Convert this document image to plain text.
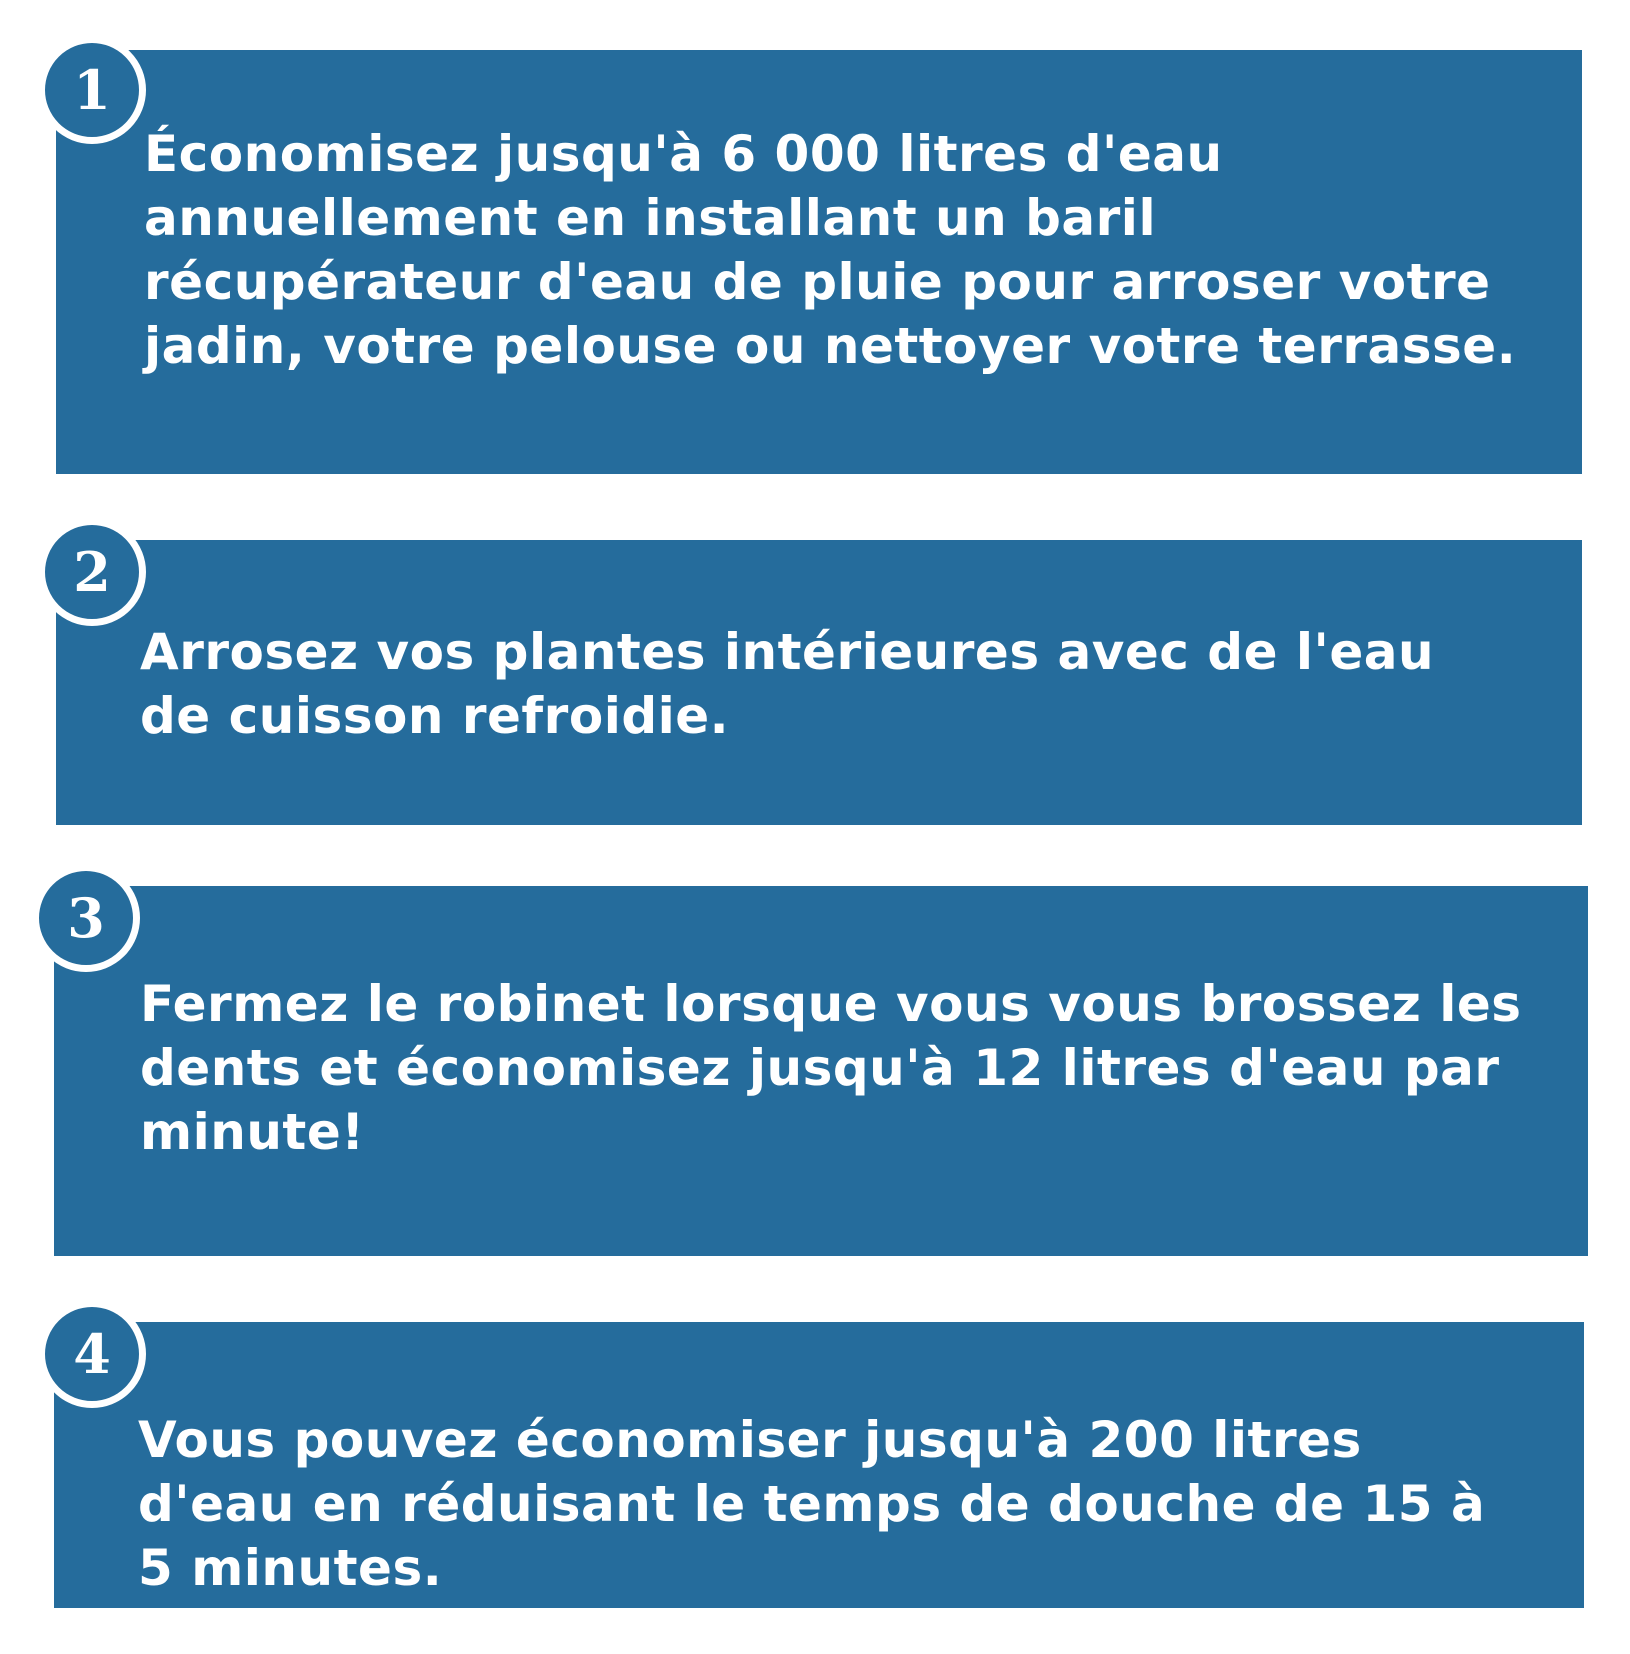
Économisez jusqu'à 6 000 litres d'eau annuellement en installant un baril récupérateur d'eau de pluie pour arroser votre jadin, votre pelouse ou nettoyer votre terrasse.

1

Arrosez vos plantes intérieures avec de l'eau de cuisson refroidie.

2

Fermez le robinet lorsque vous vous brossez les dents et économisez jusqu'à 12 litres d'eau par minute!

3

Vous pouvez économiser jusqu'à 200 litres d'eau en réduisant le temps de douche de 15 à 5 minutes.

4
